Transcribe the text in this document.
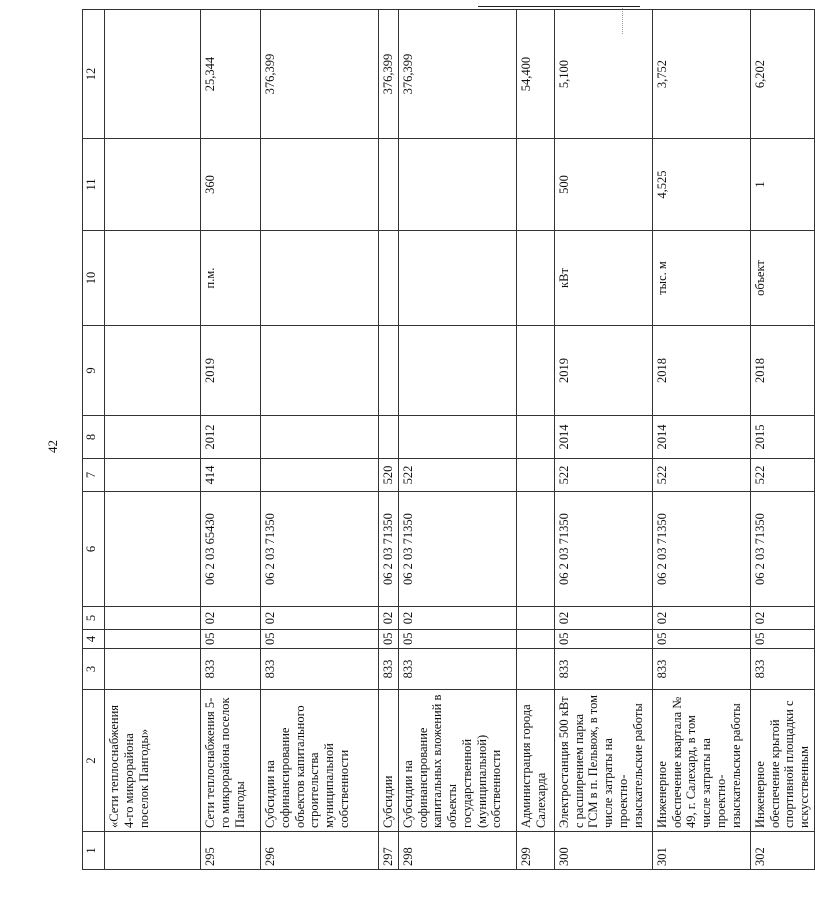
42
1	2	3	4	5	6	7	8	9	10	11	12
	«Сети теплоснабжения 4-го микрорайона поселок Пангоды»										
295	Сети теплоснабжения 5-го микрорайона поселок Пангоды	833	05	02	06 2 03 65430	414	2012	2019	п.м.	360	25,344
296	Субсидии на софинансирование объектов капитального строительства муниципальной собственности	833	05	02	06 2 03 71350						376,399
297	Субсидии	833	05	02	06 2 03 71350	520					376,399
298	Субсидии на софинансирование капитальных вложений в объекты государственной (муниципальной) собственности	833	05	02	06 2 03 71350	522					376,399
299	Администрация города Салехарда										54,400
300	Электростанция 500 кВт с расширением парка ГСМ в п. Пельвож, в том числе затраты на проектно-изыскательские работы	833	05	02	06 2 03 71350	522	2014	2019	кВт	500	5,100
301	Инженерное обеспечение квартала № 49, г. Салехард, в том числе затраты на проектно-изыскательские работы	833	05	02	06 2 03 71350	522	2014	2018	тыс. м	4,525	3,752
302	Инженерное обеспечение крытой спортивной площадки с искусственным	833	05	02	06 2 03 71350	522	2015	2018	объект	1	6,202
